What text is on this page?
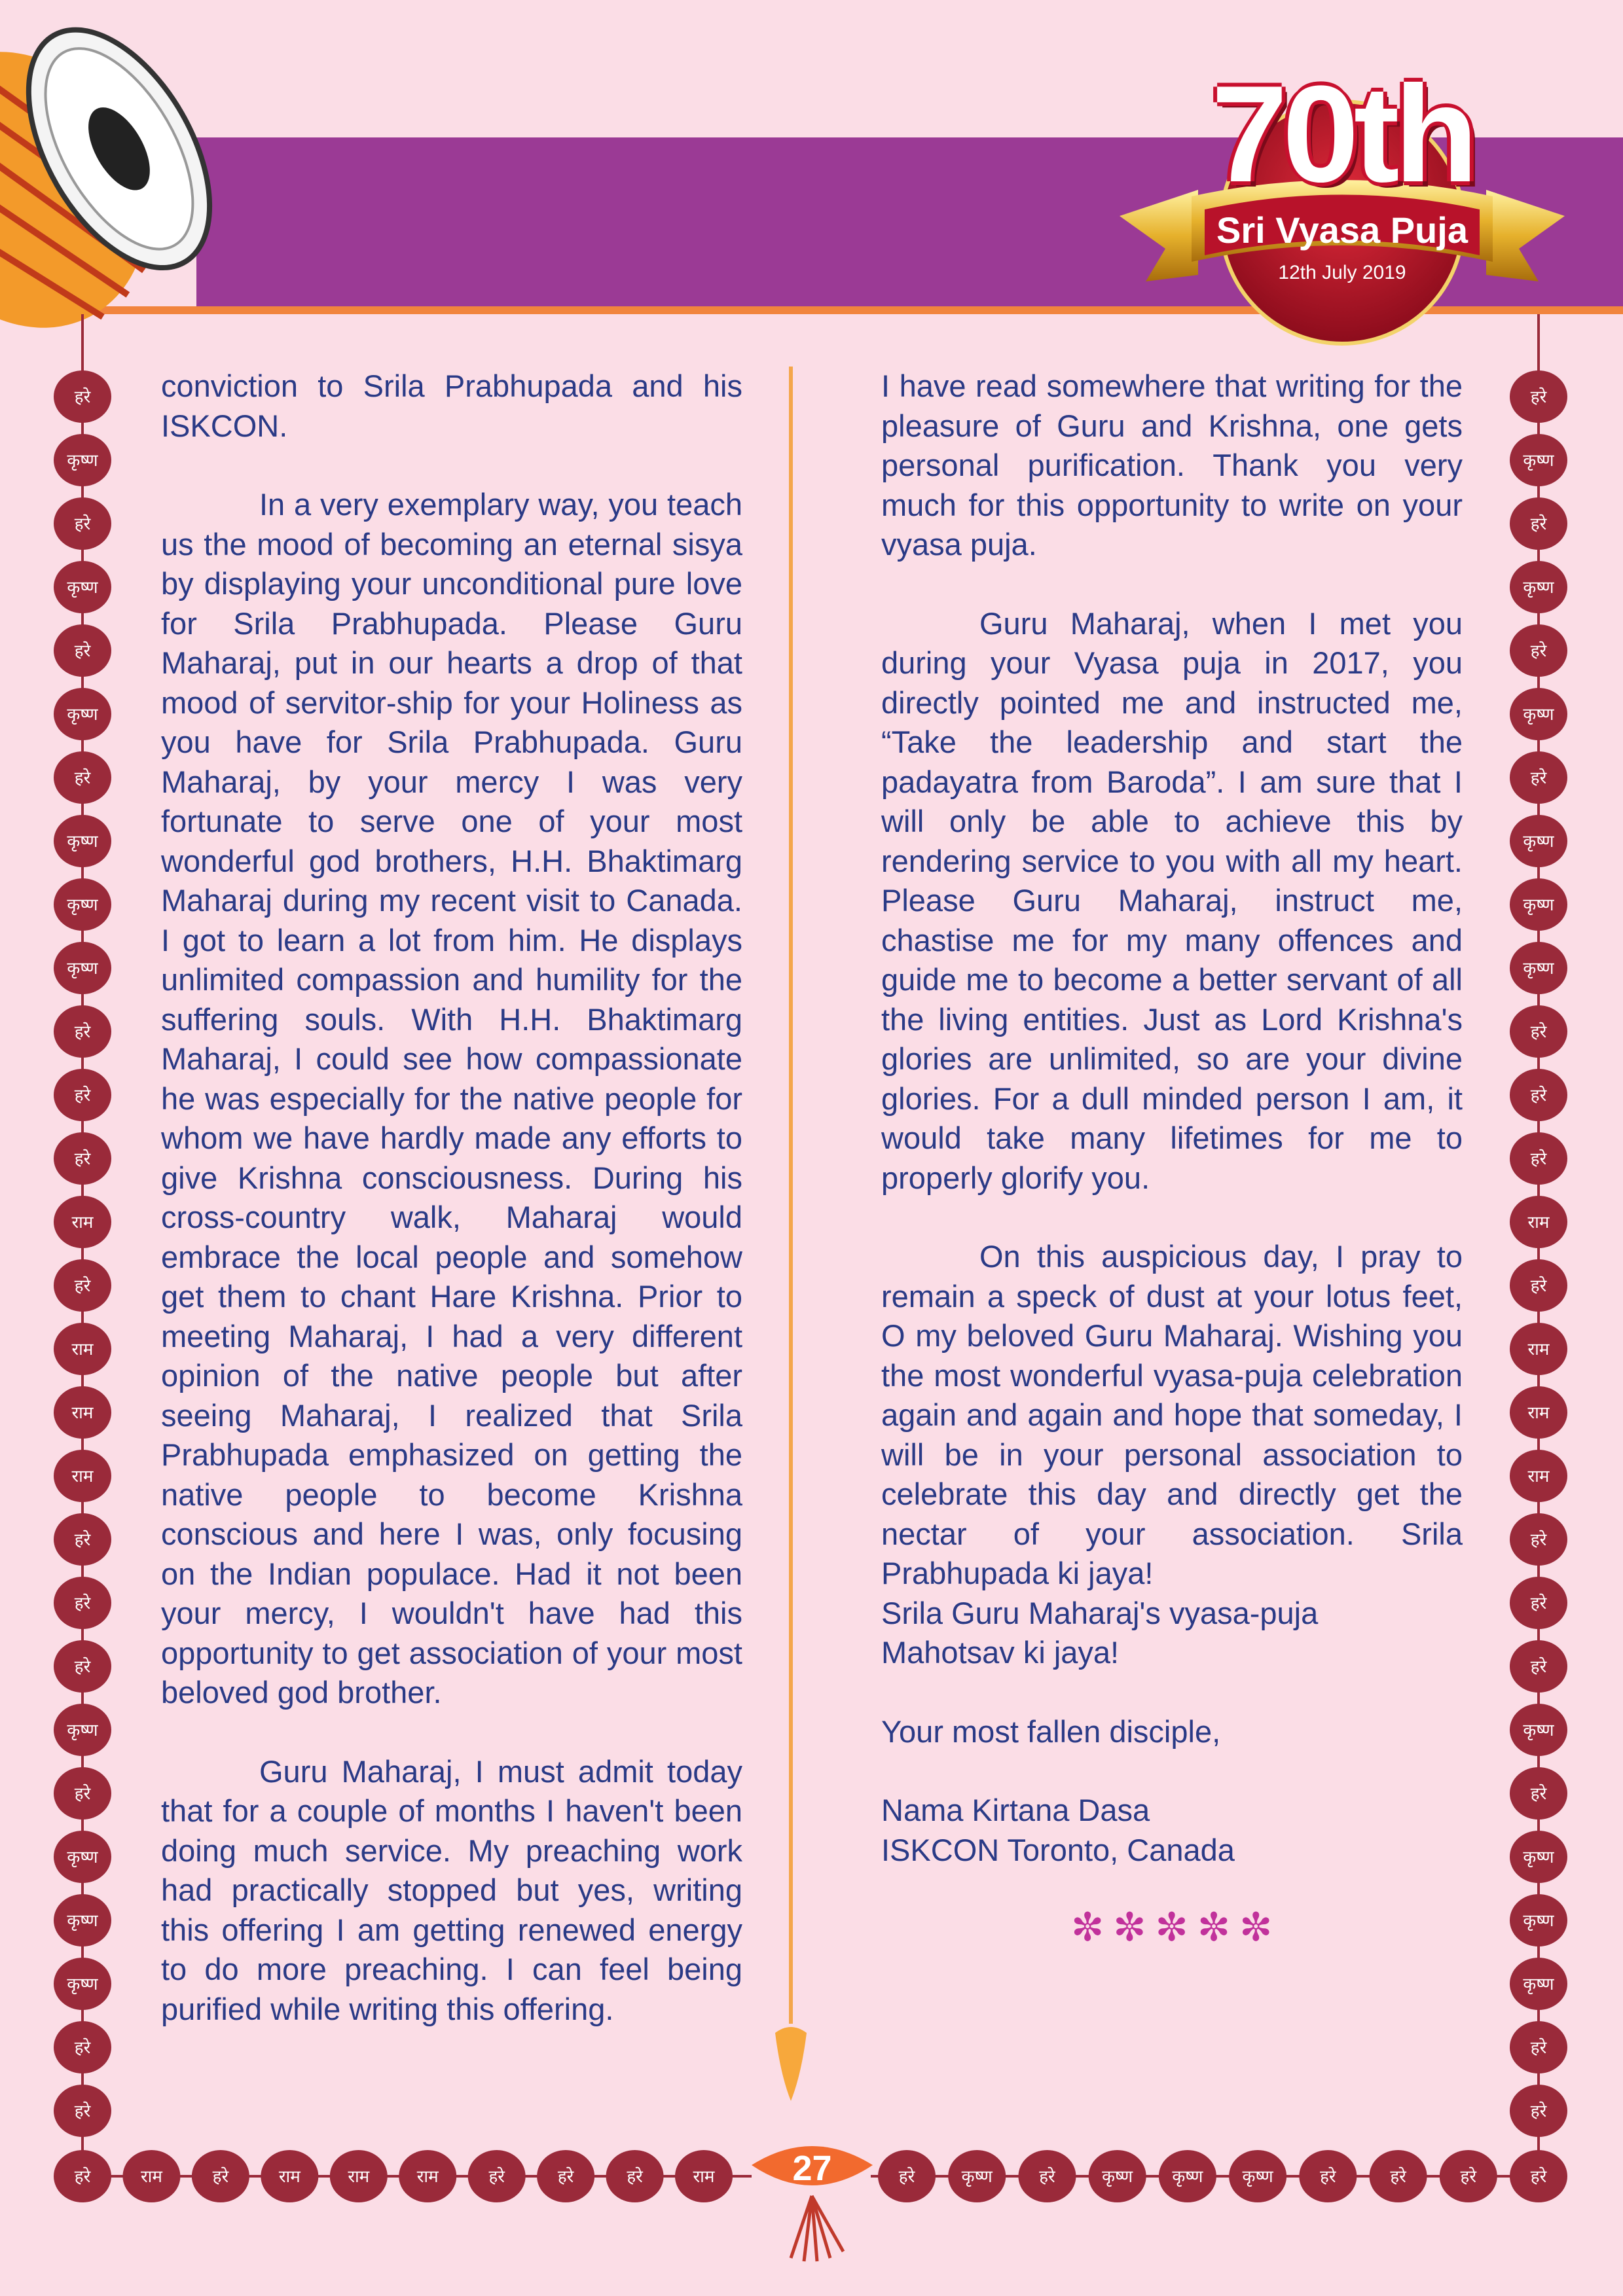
70th
Sri Vyasa Puja
12th July 2019
हरे
कृष्ण
हरे
कृष्ण
हरे
कृष्ण
हरे
कृष्ण
कृष्ण
कृष्ण
हरे
हरे
हरे
राम
हरे
राम
राम
राम
हरे
हरे
हरे
कृष्ण
हरे
कृष्ण
कृष्ण
कृष्ण
हरे
हरे
हरे
कृष्ण
हरे
कृष्ण
हरे
कृष्ण
हरे
कृष्ण
कृष्ण
कृष्ण
हरे
हरे
हरे
राम
हरे
राम
राम
राम
हरे
हरे
हरे
कृष्ण
हरे
कृष्ण
कृष्ण
कृष्ण
हरे
हरे
हरे	राम	हरे	राम	राम	राम	हरे	हरे	हरे	राम	हरे	कृष्ण	हरे	कृष्ण कृष्ण कृष्ण	हरे	हरे	हरे	हरे

conviction to Srila Prabhupada and his ISKCON.

In a very exemplary way, you teach us the mood of becoming an eternal sisya by displaying your unconditional pure love for Srila Prabhupada. Please Guru Maharaj, put in our hearts a drop of that mood of servitor-ship for your Holiness as you have for Srila Prabhupada. Guru Maharaj, by your mercy I was very fortunate to serve one of your most wonderful god brothers, H.H. Bhaktimarg Maharaj during my recent visit to Canada. I got to learn a lot from him. He displays unlimited compassion and humility for the suffering souls. With H.H. Bhaktimarg Maharaj, I could see how compassionate he was especially for the native people for whom we have hardly made any efforts to give Krishna consciousness. During his cross-country walk, Maharaj would embrace the local people and somehow get them to chant Hare Krishna. Prior to meeting Maharaj, I had a very different opinion of the native people but after seeing Maharaj, I realized that Srila Prabhupada emphasized on getting the native people to become Krishna conscious and here I was, only focusing on the Indian populace. Had it not been your mercy, I wouldn't have had this opportunity to get association of your most beloved god brother.

Guru Maharaj, I must admit today that for a couple of months I haven't been doing much service. My preaching work had practically stopped but yes, writing this offering I am getting renewed energy to do more preaching. I can feel being purified while writing this offering.

I have read somewhere that writing for the pleasure of Guru and Krishna, one gets personal purification. Thank you very much for this opportunity to write on your vyasa puja.

Guru Maharaj, when I met you during your Vyasa puja in 2017, you directly pointed me and instructed me, “Take the leadership and start the padayatra from Baroda”. I am sure that I will only be able to achieve this by rendering service to you with all my heart. Please Guru Maharaj, instruct me, chastise me for my many offences and guide me to become a better servant of all the living entities. Just as Lord Krishna's glories are unlimited, so are your divine glories. For a dull minded person I am, it would take many lifetimes for me to properly glorify you.

On this auspicious day, I pray to remain a speck of dust at your lotus feet, O my beloved Guru Maharaj. Wishing you the most wonderful vyasa-puja celebration again and again and hope that someday, I will be in your personal association to celebrate this day and directly get the nectar of your association. Srila Prabhupada ki jaya!

Srila Guru Maharaj's vyasa-puja

Mahotsav ki jaya!

Your most fallen disciple,

Nama Kirtana Dasa

ISKCON Toronto, Canada

✼✼✼✼✼
27
